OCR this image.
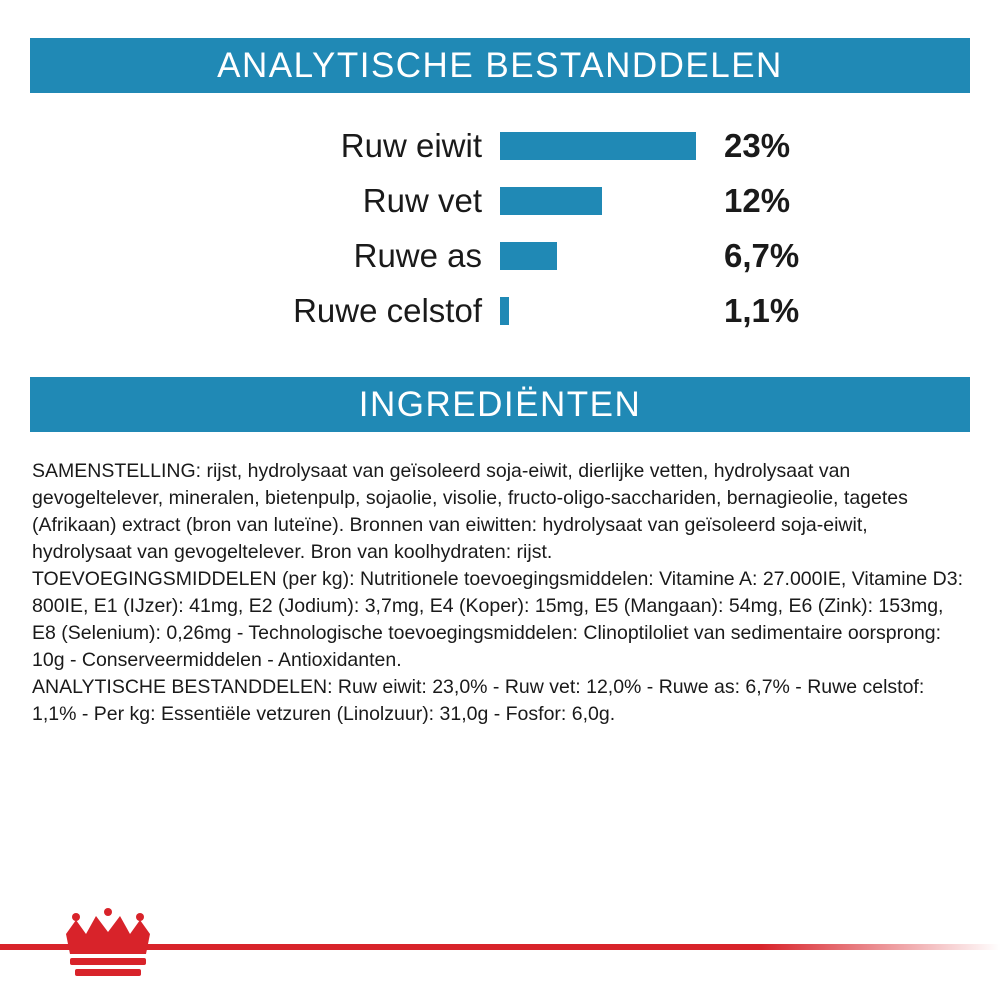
ANALYTISCHE BESTANDDELEN
Ruw eiwit	23%
Ruw vet	12%
Ruwe as	6,7%
Ruwe celstof	1,1%
INGREDIËNTEN

SAMENSTELLING: rijst, hydrolysaat van geïsoleerd soja-eiwit, dierlijke vetten, hydrolysaat van gevogeltelever, mineralen, bietenpulp, sojaolie, visolie, fructo-oligo-sacchariden, bernagieolie, tagetes (Afrikaan) extract (bron van luteïne). Bronnen van eiwitten: hydrolysaat van geïsoleerd soja-eiwit, hydrolysaat van gevogeltelever. Bron van koolhydraten: rijst.

TOEVOEGINGSMIDDELEN (per kg): Nutritionele toevoegingsmiddelen: Vitamine A: 27.000IE, Vitamine D3: 800IE, E1 (IJzer): 41mg, E2 (Jodium): 3,7mg, E4 (Koper): 15mg, E5 (Mangaan): 54mg, E6 (Zink): 153mg, E8 (Selenium): 0,26mg - Technologische toevoegingsmiddelen: Clinoptiloliet van sedimentaire oorsprong: 10g - Conserveermiddelen - Antioxidanten.

ANALYTISCHE BESTANDDELEN: Ruw eiwit: 23,0% - Ruw vet: 12,0% - Ruwe as: 6,7% - Ruwe celstof: 1,1% - Per kg: Essentiële vetzuren (Linolzuur): 31,0g - Fosfor: 6,0g.
